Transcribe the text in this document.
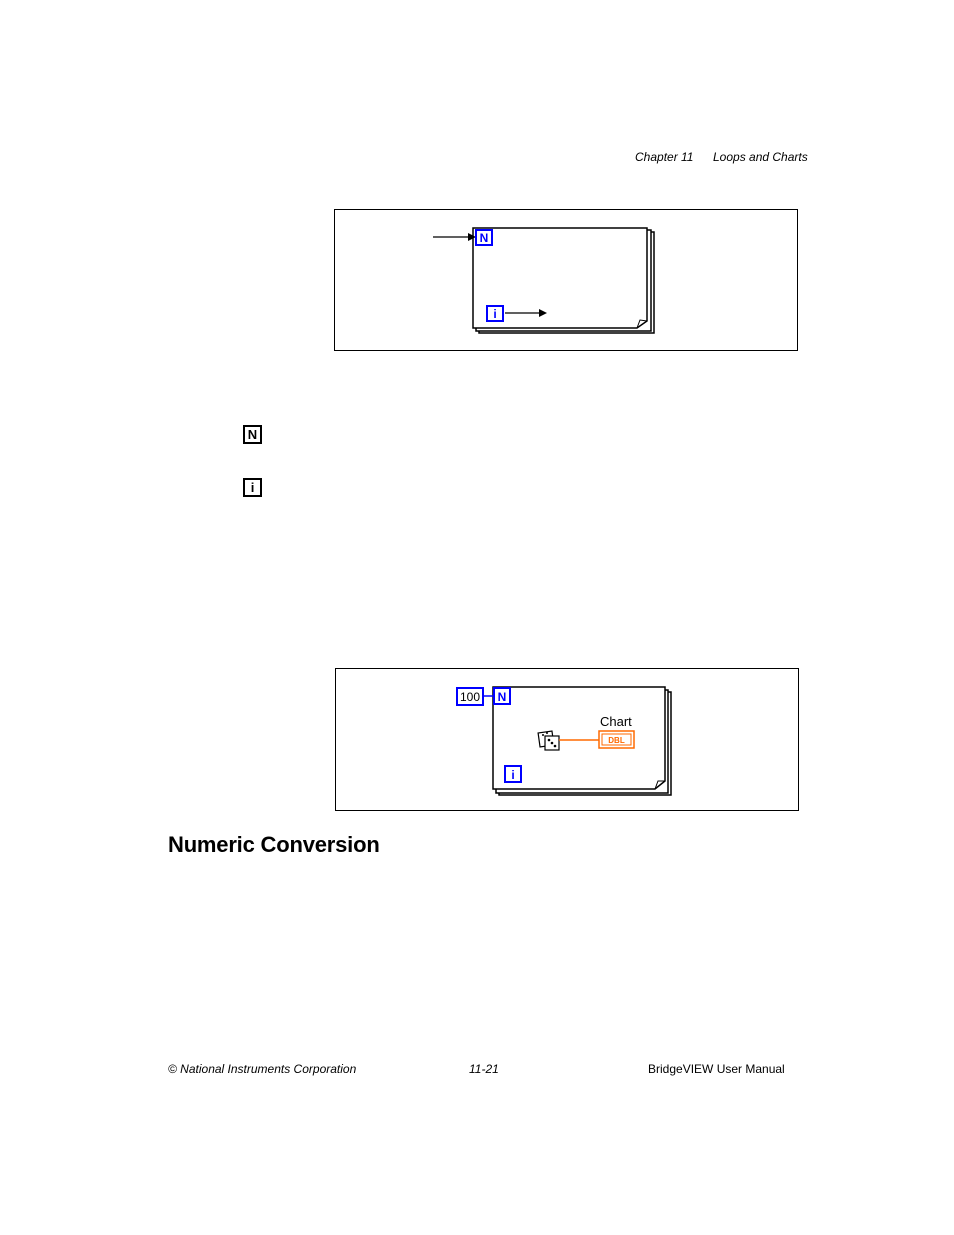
Chapter 11 Loops and Charts
N
i
N
i
100 N
Chart
DBL
i
Numeric Conversion
© National Instruments Corporation	11-21	BridgeVIEW User Manual
